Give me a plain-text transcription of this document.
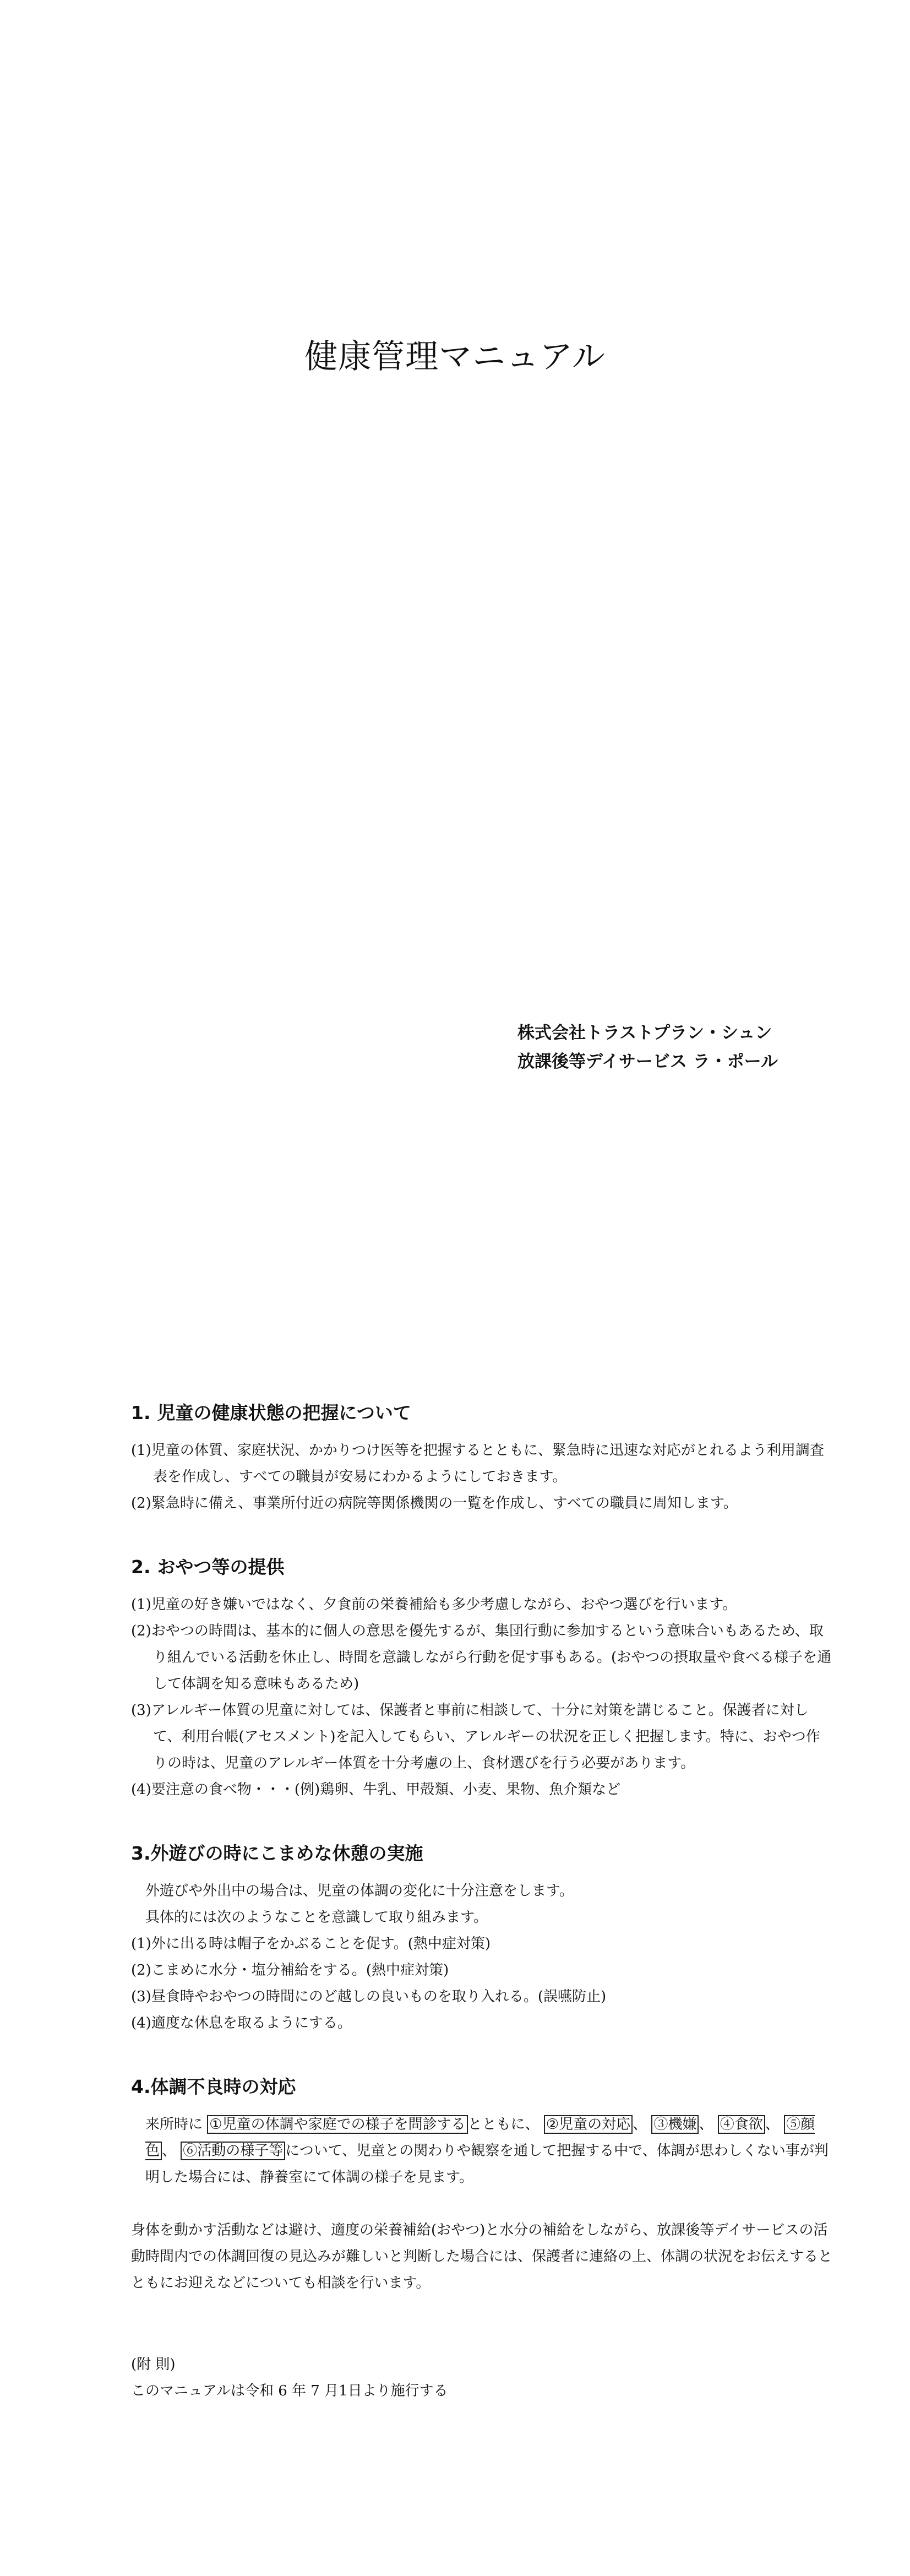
健康管理マニュアル
株式会社トラストプラン・シュン
放課後等デイサービス ラ・ポール
1. 児童の健康状態の把握について

(1)児童の体質、家庭状況、かかりつけ医等を把握するとともに、緊急時に迅速な対応がとれるよう利用調査表を作成し、すべての職員が安易にわかるようにしておきます。

(2)緊急時に備え、事業所付近の病院等関係機関の一覧を作成し、すべての職員に周知します。

2. おやつ等の提供

(1)児童の好き嫌いではなく、夕食前の栄養補給も多少考慮しながら、おやつ選びを行います。

(2)おやつの時間は、基本的に個人の意思を優先するが、集団行動に参加するという意味合いもあるため、取り組んでいる活動を休止し、時間を意識しながら行動を促す事もある。(おやつの摂取量や食べる様子を通して体調を知る意味もあるため)

(3)アレルギー体質の児童に対しては、保護者と事前に相談して、十分に対策を講じること。保護者に対して、利用台帳(アセスメント)を記入してもらい、アレルギーの状況を正しく把握します。特に、おやつ作りの時は、児童のアレルギー体質を十分考慮の上、食材選びを行う必要があります。

(4)要注意の食べ物・・・(例)鶏卵、牛乳、甲殻類、小麦、果物、魚介類など

3.外遊びの時にこまめな休憩の実施

外遊びや外出中の場合は、児童の体調の変化に十分注意をします。

具体的には次のようなことを意識して取り組みます。

(1)外に出る時は帽子をかぶることを促す。(熱中症対策)

(2)こまめに水分・塩分補給をする。(熱中症対策)

(3)昼食時やおやつの時間にのど越しの良いものを取り入れる。(誤嚥防止)

(4)適度な休息を取るようにする。

4.体調不良時の対応

来所時に ①児童の体調や家庭での様子を問診する とともに、 ②児童の対応 、 ③機嫌 、 ④食欲 、 ⑤顔色 、 ⑥活動の様子等 について、児童との関わりや観察を通して把握する中で、体調が思わしくない事が判明した場合には、静養室にて体調の様子を見ます。

身体を動かす活動などは避け、適度の栄養補給(おやつ)と水分の補給をしながら、放課後等デイサービスの活動時間内での体調回復の見込みが難しいと判断した場合には、保護者に連絡の上、体調の状況をお伝えするとともにお迎えなどについても相談を行います。

(附 則)

このマニュアルは令和 6 年 7 月1日より施行する
